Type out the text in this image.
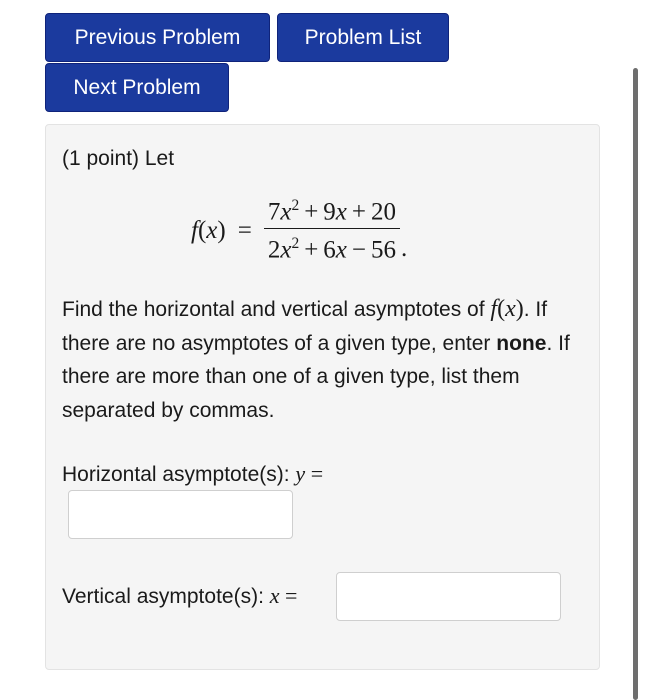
Previous Problem	Problem List
Next Problem
(1 point) Let
$f(x) = \frac{7x^2 + 9x + 20}{2x^2 + 6x - 56}$ .
Find the horizontal and vertical asymptotes of f(x). If there are no asymptotes of a given type, enter none. If there are more than one of a given type, list them separated by commas.
Horizontal asymptote(s): y =
Vertical asymptote(s): x =
